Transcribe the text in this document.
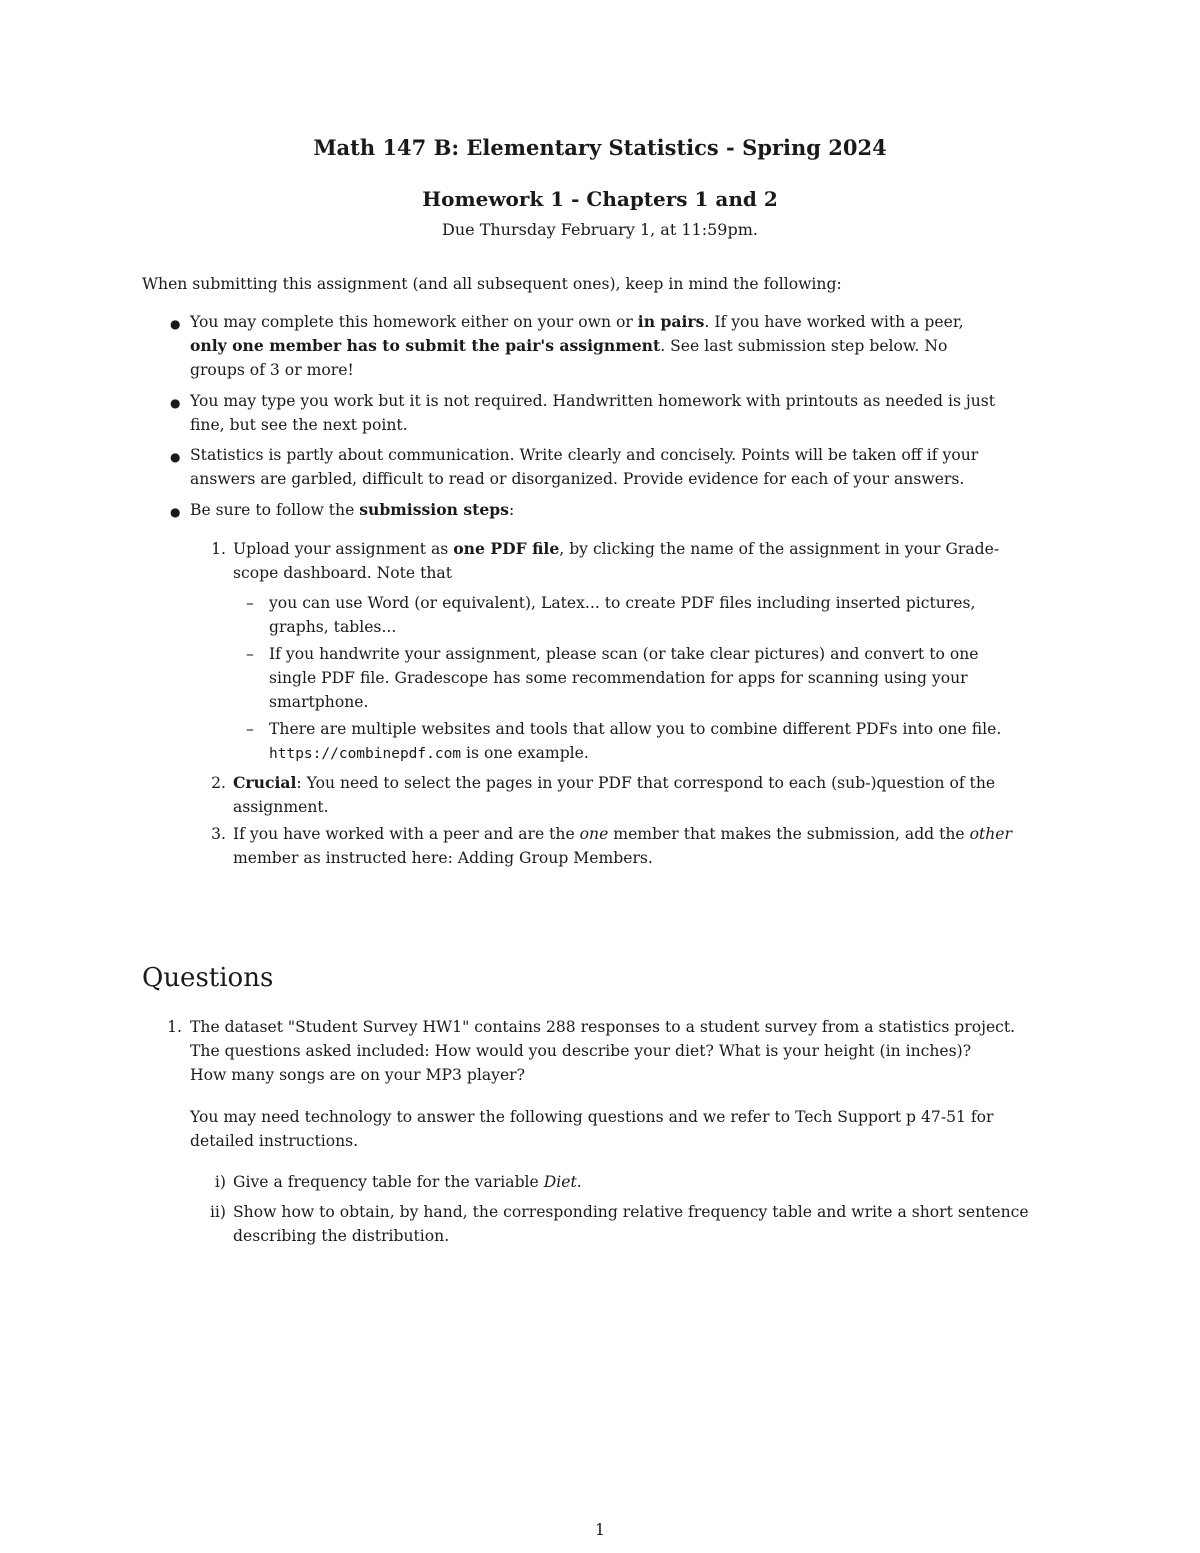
Math 147 B: Elementary Statistics - Spring 2024
Homework 1 - Chapters 1 and 2
Due Thursday February 1, at 11:59pm.
When submitting this assignment (and all subsequent ones), keep in mind the following:
● You may complete this homework either on your own or in pairs. If you have worked with a peer,
only one member has to submit the pair's assignment. See last submission step below. No
groups of 3 or more!
● You may type you work but it is not required. Handwritten homework with printouts as needed is just
fine, but see the next point.
● Statistics is partly about communication. Write clearly and concisely. Points will be taken off if your
answers are garbled, difficult to read or disorganized. Provide evidence for each of your answers.
● Be sure to follow the submission steps:
1. Upload your assignment as one PDF file, by clicking the name of the assignment in your Grade-
scope dashboard. Note that
– you can use Word (or equivalent), Latex... to create PDF files including inserted pictures,
graphs, tables...
– If you handwrite your assignment, please scan (or take clear pictures) and convert to one
single PDF file. Gradescope has some recommendation for apps for scanning using your
smartphone.
– There are multiple websites and tools that allow you to combine different PDFs into one file.
https://combinepdf.com is one example.
2. Crucial: You need to select the pages in your PDF that correspond to each (sub-)question of the
assignment.
3. If you have worked with a peer and are the one member that makes the submission, add the other
member as instructed here: Adding Group Members.
Questions
1. The dataset "Student Survey HW1" contains 288 responses to a student survey from a statistics project.
The questions asked included: How would you describe your diet? What is your height (in inches)?
How many songs are on your MP3 player?
You may need technology to answer the following questions and we refer to Tech Support p 47-51 for
detailed instructions.
i) Give a frequency table for the variable Diet.
ii) Show how to obtain, by hand, the corresponding relative frequency table and write a short sentence
describing the distribution.
1
